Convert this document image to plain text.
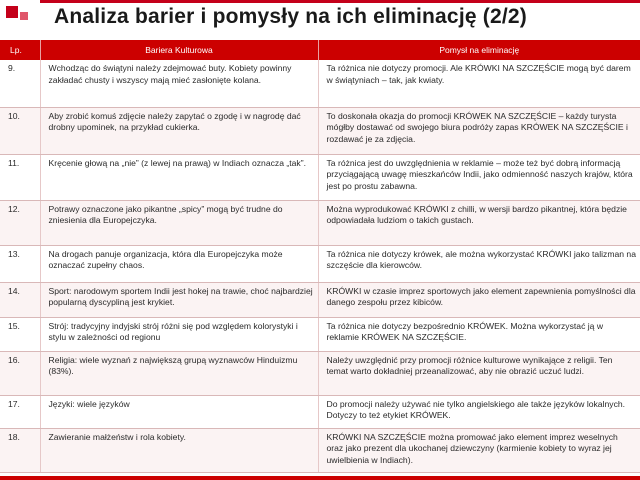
Analiza barier i pomysły na ich eliminację (2/2)
Lp.	Bariera Kulturowa	Pomysł na eliminację
9.	Wchodząc do świątyni należy zdejmować buty. Kobiety powinny zakładać chusty i wszyscy mają mieć zasłonięte kolana.	Ta różnica nie dotyczy promocji. Ale KRÓWKI NA SZCZĘŚCIE mogą być darem w świątyniach – tak, jak kwiaty.
10.	Aby zrobić komuś zdjęcie należy zapytać o zgodę i w nagrodę dać drobny upominek, na przykład cukierka.	To doskonała okazja do promocji KRÓWEK NA SZCZĘŚCIE – każdy turysta mógłby dostawać od swojego biura podróży zapas KRÓWEK NA SZCZĘŚCIE i rozdawać je za zdjęcia.
11.	Kręcenie głową na „nie” (z lewej na prawą) w Indiach oznacza „tak”.	Ta różnica jest do uwzględnienia w reklamie – może też być dobrą informacją przyciągającą uwagę mieszkańców Indii, jako odmienność naszych krajów, która jest po prostu zabawna.
12.	Potrawy oznaczone jako pikantne „spicy” mogą być trudne do zniesienia dla Europejczyka.	Można wyprodukować KRÓWKI z chilli, w wersji bardzo pikantnej, która będzie odpowiadała ludziom o takich gustach.
13.	Na drogach panuje organizacja, która dla Europejczyka może oznaczać zupełny chaos.	Ta różnica nie dotyczy krówek, ale można wykorzystać KRÓWKI jako talizman na szczęście dla kierowców.
14.	Sport: narodowym sportem Indii jest hokej na trawie, choć najbardziej popularną dyscypliną jest krykiet.	KRÓWKI w czasie imprez sportowych jako element zapewnienia pomyślności dla danego zespołu przez kibiców.
15.	Strój: tradycyjny indyjski strój różni się pod względem kolorystyki i stylu w zależności od regionu	Ta różnica nie dotyczy bezpośrednio KRÓWEK. Można wykorzystać ją w reklamie KRÓWEK NA SZCZĘŚCIE.
16.	Religia: wiele wyznań z największą grupą wyznawców Hinduizmu (83%).	Należy uwzględnić przy promocji różnice kulturowe wynikające z religii. Ten temat warto dokładniej przeanalizować, aby nie obrazić uczuć ludzi.
17.	Języki: wiele języków	Do promocji należy używać nie tylko angielskiego ale także języków lokalnych. Dotyczy to też etykiet KRÓWEK.
18.	Zawieranie małżeństw i rola kobiety.	KRÓWKI NA SZCZĘŚCIE można promować jako element imprez weselnych oraz jako prezent dla ukochanej dziewczyny (karmienie kobiety to wyraz jej uwielbienia w Indiach).
